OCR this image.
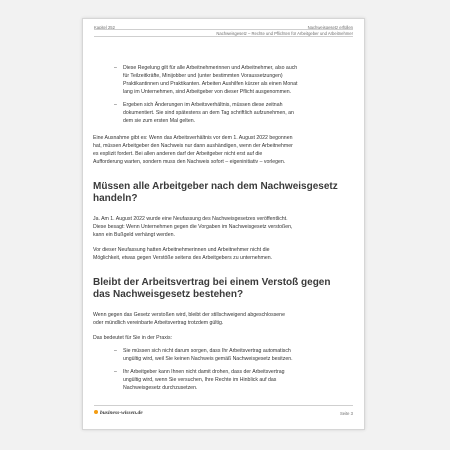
Kapitel 252	Nachweisgesetz erfüllen
Nachweisgesetz – Rechte und Pflichten für Arbeitgeber und Arbeitnehmer
– Diese Regelung gilt für alle Arbeitnehmerinnen und Arbeitnehmer, also auch
für Teilzeitkräfte, Minijobber und (unter bestimmten Voraussetzungen)
Praktikantinnen und Praktikanten. Arbeiten Aushilfen kürzer als einen Monat
lang im Unternehmen, sind Arbeitgeber von dieser Pflicht ausgenommen.
– Ergeben sich Änderungen im Arbeitsverhältnis, müssen diese zeitnah
dokumentiert. Sie sind spätestens an dem Tag schriftlich aufzunehmen, an
dem sie zum ersten Mal gelten.
Eine Ausnahme gibt es: Wenn das Arbeitsverhältnis vor dem 1. August 2022 begonnen
hat, müssen Arbeitgeber den Nachweis nur dann aushändigen, wenn der Arbeitnehmer
es explizit fordert. Bei allen anderen darf der Arbeitgeber nicht erst auf die
Aufforderung warten, sondern muss den Nachweis sofort – eigeninitiativ – vorlegen.
Müssen alle Arbeitgeber nach dem Nachweisgesetz
handeln?
Ja. Am 1. August 2022 wurde eine Neufassung des Nachweisgesetzes veröffentlicht.
Diese besagt: Wenn Unternehmen gegen die Vorgaben im Nachweisgesetz verstoßen,
kann ein Bußgeld verhängt werden.
Vor dieser Neufassung hatten Arbeitnehmerinnen und Arbeitnehmer nicht die
Möglichkeit, etwas gegen Verstöße seitens des Arbeitgebers zu unternehmen.
Bleibt der Arbeitsvertrag bei einem Verstoß gegen
das Nachweisgesetz bestehen?
Wenn gegen das Gesetz verstoßen wird, bleibt der stillschweigend abgeschlossene
oder mündlich vereinbarte Arbeitsvertrag trotzdem gültig.
Das bedeutet für Sie in der Praxis:
– Sie müssen sich nicht darum sorgen, dass Ihr Arbeitsvertrag automatisch
ungültig wird, weil Sie keinen Nachweis gemäß Nachweisgesetz besitzen.
– Ihr Arbeitgeber kann Ihnen nicht damit drohen, dass der Arbeitsvertrag
ungültig wird, wenn Sie versuchen, Ihre Rechte im Hinblick auf das
Nachweisgesetz durchzusetzen.
business-wissen.de	Seite 3
